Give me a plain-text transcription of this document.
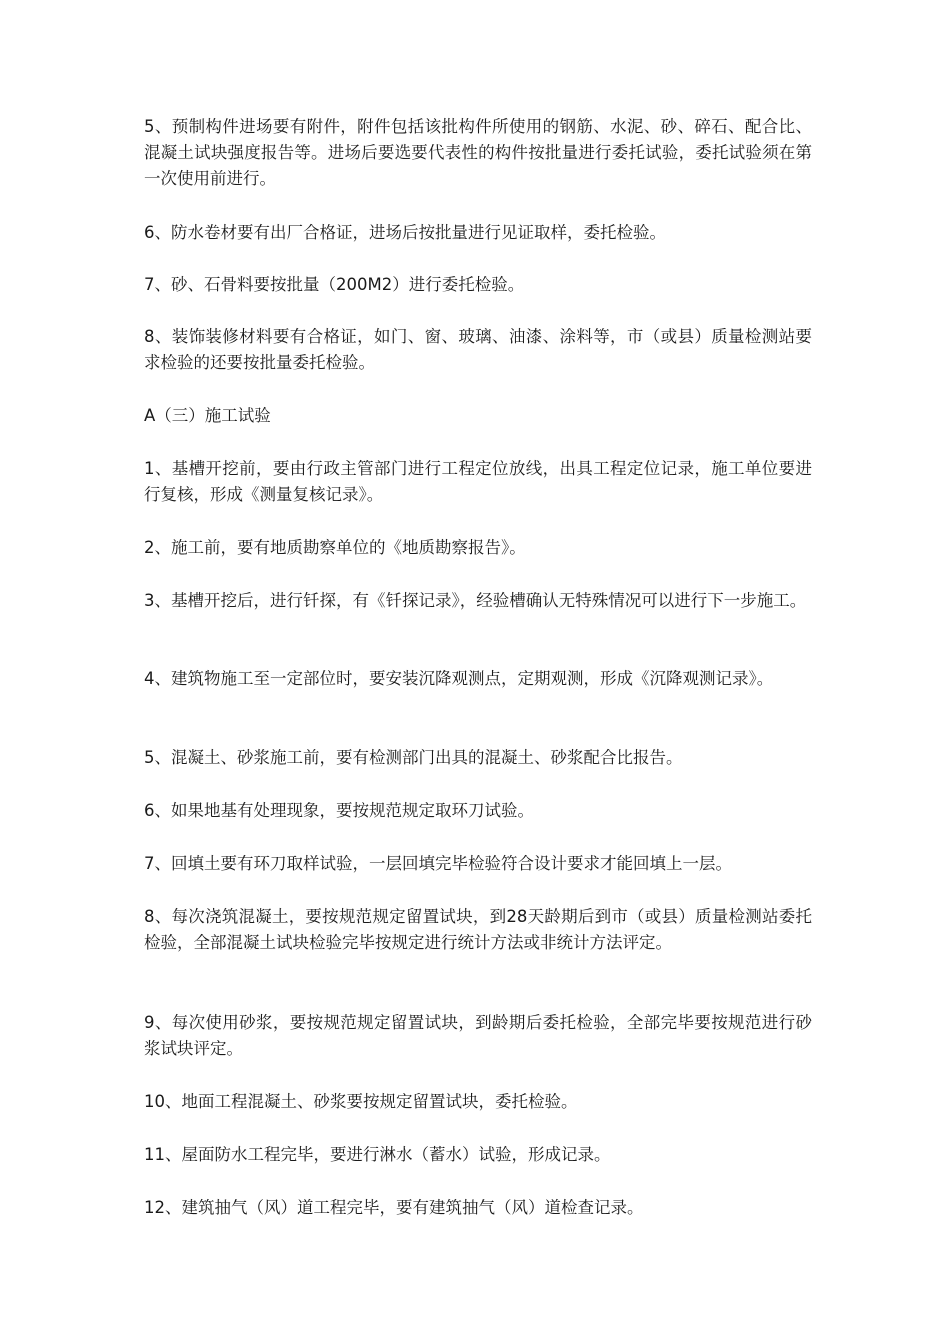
5、预制构件进场要有附件，附件包括该批构件所使用的钢筋、水泥、砂、碎石、配合比、混凝土试块强度报告等。进场后要选要代表性的构件按批量进行委托试验，委托试验须在第一次使用前进行。

6、防水卷材要有出厂合格证，进场后按批量进行见证取样，委托检验。

7、砂、石骨料要按批量（200M2）进行委托检验。

8、装饰装修材料要有合格证，如门、窗、玻璃、油漆、涂料等，市（或县）质量检测站要求检验的还要按批量委托检验。

A（三）施工试验

1、基槽开挖前，要由行政主管部门进行工程定位放线，出具工程定位记录，施工单位要进行复核，形成《测量复核记录》。

2、施工前，要有地质勘察单位的《地质勘察报告》。

3、基槽开挖后，进行钎探，有《钎探记录》，经验槽确认无特殊情况可以进行下一步施工。

4、建筑物施工至一定部位时，要安装沉降观测点，定期观测，形成《沉降观测记录》。

5、混凝土、砂浆施工前，要有检测部门出具的混凝土、砂浆配合比报告。

6、如果地基有处理现象，要按规范规定取环刀试验。

7、回填土要有环刀取样试验，一层回填完毕检验符合设计要求才能回填上一层。

8、每次浇筑混凝土，要按规范规定留置试块，到28天龄期后到市（或县）质量检测站委托检验，全部混凝土试块检验完毕按规定进行统计方法或非统计方法评定。

9、每次使用砂浆，要按规范规定留置试块，到龄期后委托检验，全部完毕要按规范进行砂浆试块评定。

10、地面工程混凝土、砂浆要按规定留置试块，委托检验。

11、屋面防水工程完毕，要进行淋水（蓄水）试验，形成记录。

12、建筑抽气（风）道工程完毕，要有建筑抽气（风）道检查记录。
